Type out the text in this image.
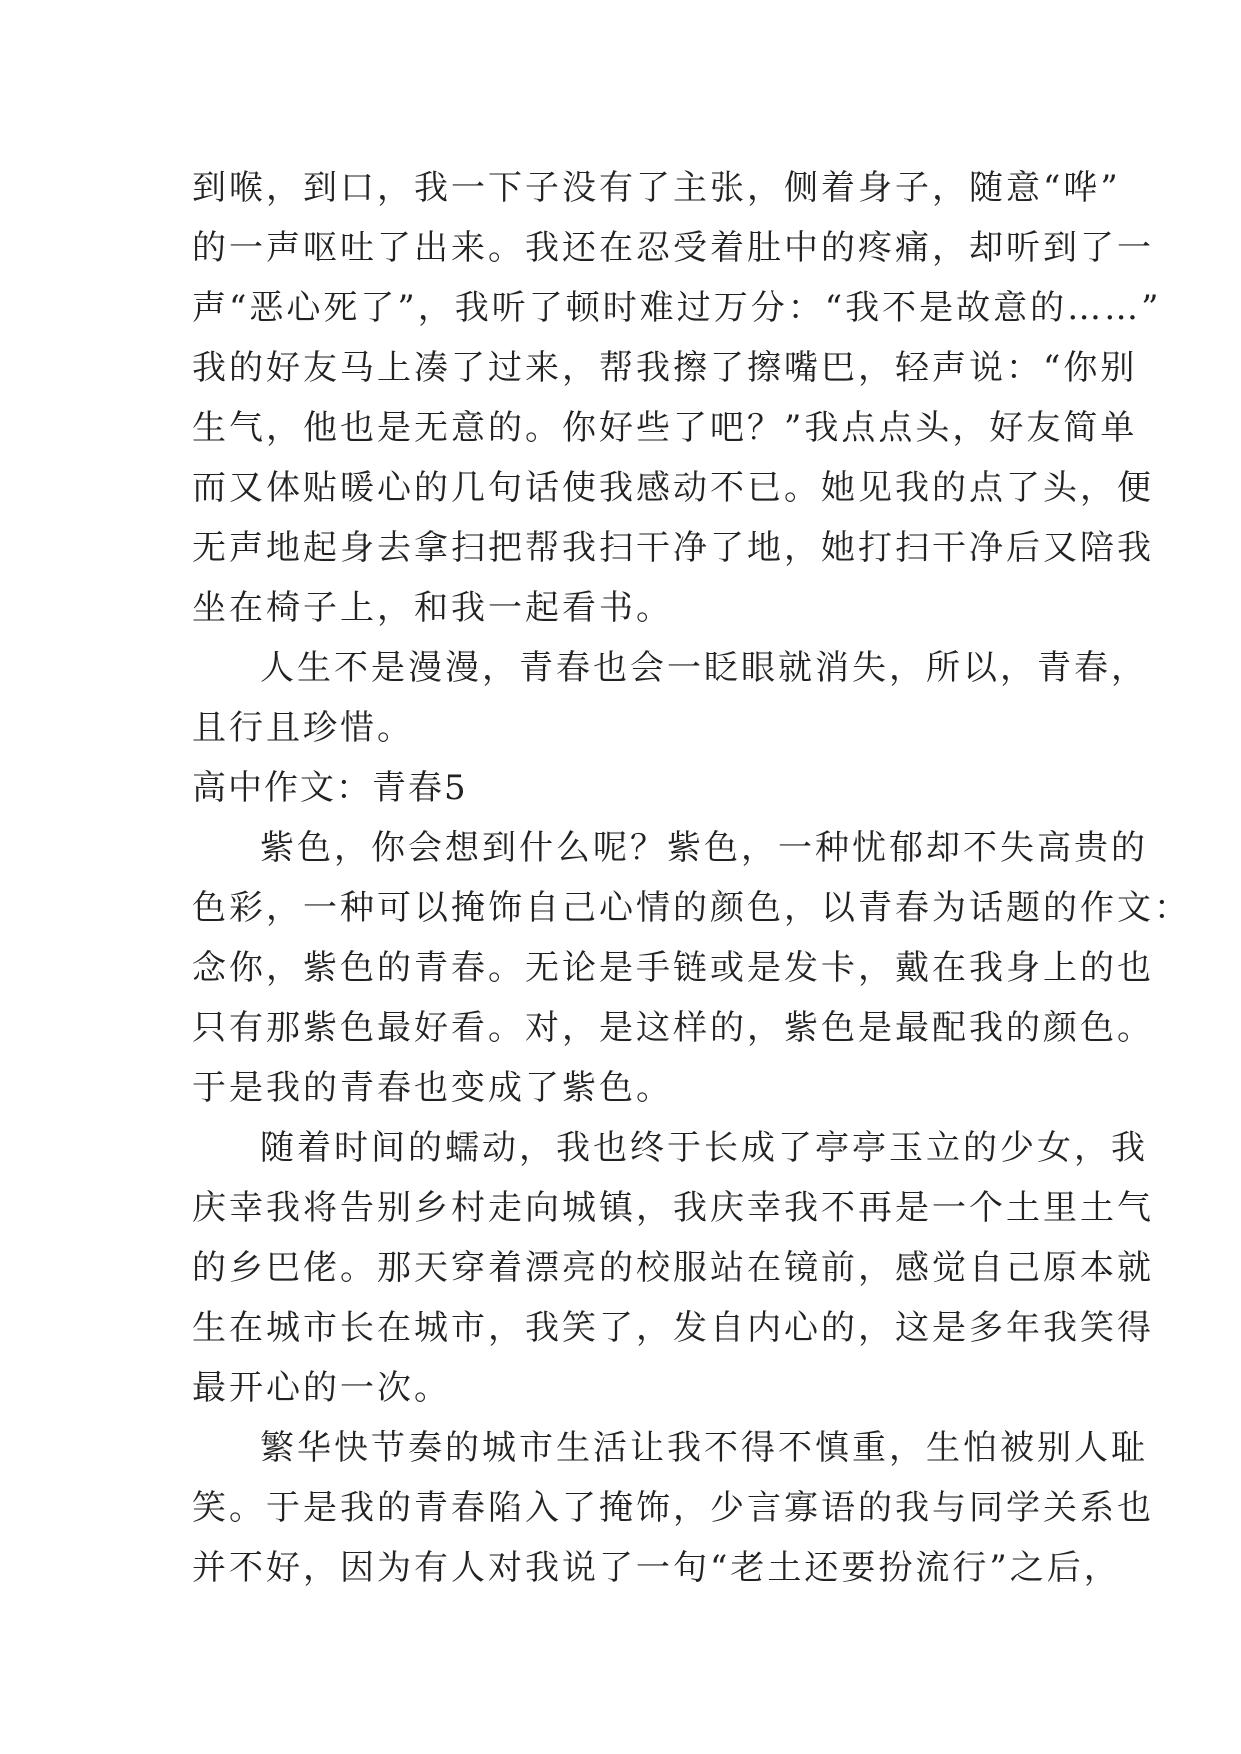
到喉，到口，我一下子没有了主张，侧着身子，随意“哗”
的一声呕吐了出来。我还在忍受着肚中的疼痛，却听到了一
声“恶心死了”，我听了顿时难过万分：“我不是故意的……”
我的好友马上凑了过来，帮我擦了擦嘴巴，轻声说：“你别
生气，他也是无意的。你好些了吧？”我点点头，好友简单
而又体贴暖心的几句话使我感动不已。她见我的点了头，便
无声地起身去拿扫把帮我扫干净了地，她打扫干净后又陪我
坐在椅子上，和我一起看书。
人生不是漫漫，青春也会一眨眼就消失，所以，青春，
且行且珍惜。
高中作文：青春5
紫色，你会想到什么呢？紫色，一种忧郁却不失高贵的
色彩，一种可以掩饰自己心情的颜色，以青春为话题的作文：
念你，紫色的青春。无论是手链或是发卡，戴在我身上的也
只有那紫色最好看。对，是这样的，紫色是最配我的颜色。
于是我的青春也变成了紫色。
随着时间的蠕动，我也终于长成了亭亭玉立的少女，我
庆幸我将告别乡村走向城镇，我庆幸我不再是一个土里土气
的乡巴佬。那天穿着漂亮的校服站在镜前，感觉自己原本就
生在城市长在城市，我笑了，发自内心的，这是多年我笑得
最开心的一次。
繁华快节奏的城市生活让我不得不慎重，生怕被别人耻
笑。于是我的青春陷入了掩饰，少言寡语的我与同学关系也
并不好，因为有人对我说了一句“老土还要扮流行”之后，
